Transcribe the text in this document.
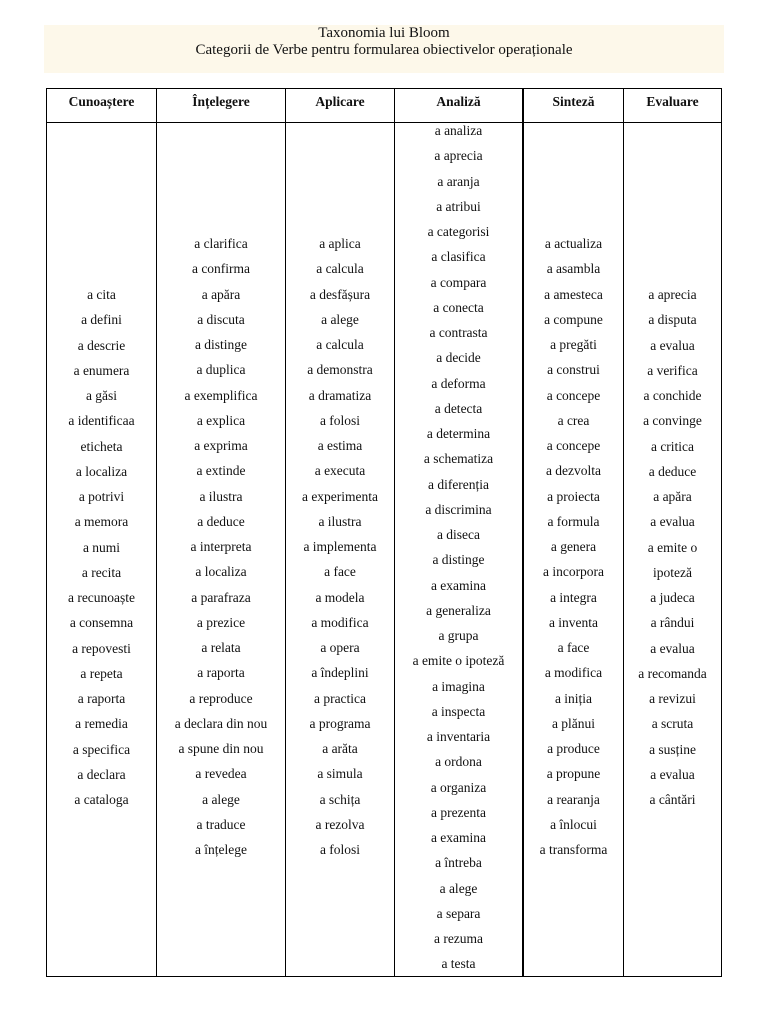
Taxonomia lui Bloom
Categorii de Verbe pentru formularea obiectivelor operaționale
Cunoaștere
a cita
a defini
a descrie
a enumera
a găsi
a identificaa
eticheta
a localiza
a potrivi
a memora
a numi
a recita
a recunoaște
a consemna
a repovesti
a repeta
a raporta
a remedia
a specifica
a declara
a cataloga
Înțelegere
a clarifica
a confirma
a apăra
a discuta
a distinge
a duplica
a exemplifica
a explica
a exprima
a extinde
a ilustra
a deduce
a interpreta
a localiza
a parafraza
a prezice
a relata
a raporta
a reproduce
a declara din nou
a spune din nou
a revedea
a alege
a traduce
a înțelege
Aplicare
a aplica
a calcula
a desfășura
a alege
a calcula
a demonstra
a dramatiza
a folosi
a estima
a executa
a experimenta
a ilustra
a implementa
a face
a modela
a modifica
a opera
a îndeplini
a practica
a programa
a arăta
a simula
a schița
a rezolva
a folosi
Analiză
a analiza
a aprecia
a aranja
a atribui
a categorisi
a clasifica
a compara
a conecta
a contrasta
a decide
a deforma
a detecta
a determina
a schematiza
a diferenția
a discrimina
a diseca
a distinge
a examina
a generaliza
a grupa
a emite o ipoteză
a imagina
a inspecta
a inventaria
a ordona
a organiza
a prezenta
a examina
a întreba
a alege
a separa
a rezuma
a testa
Sinteză
a actualiza
a asambla
a amesteca
a compune
a pregăti
a construi
a concepe
a crea
a concepe
a dezvolta
a proiecta
a formula
a genera
a incorpora
a integra
a inventa
a face
a modifica
a iniția
a plănui
a produce
a propune
a rearanja
a înlocui
a transforma
Evaluare
a aprecia
a disputa
a evalua
a verifica
a conchide
a convinge
a critica
a deduce
a apăra
a evalua
a emite o
ipoteză
a judeca
a rândui
a evalua
a recomanda
a revizui
a scruta
a susține
a evalua
a cântări
